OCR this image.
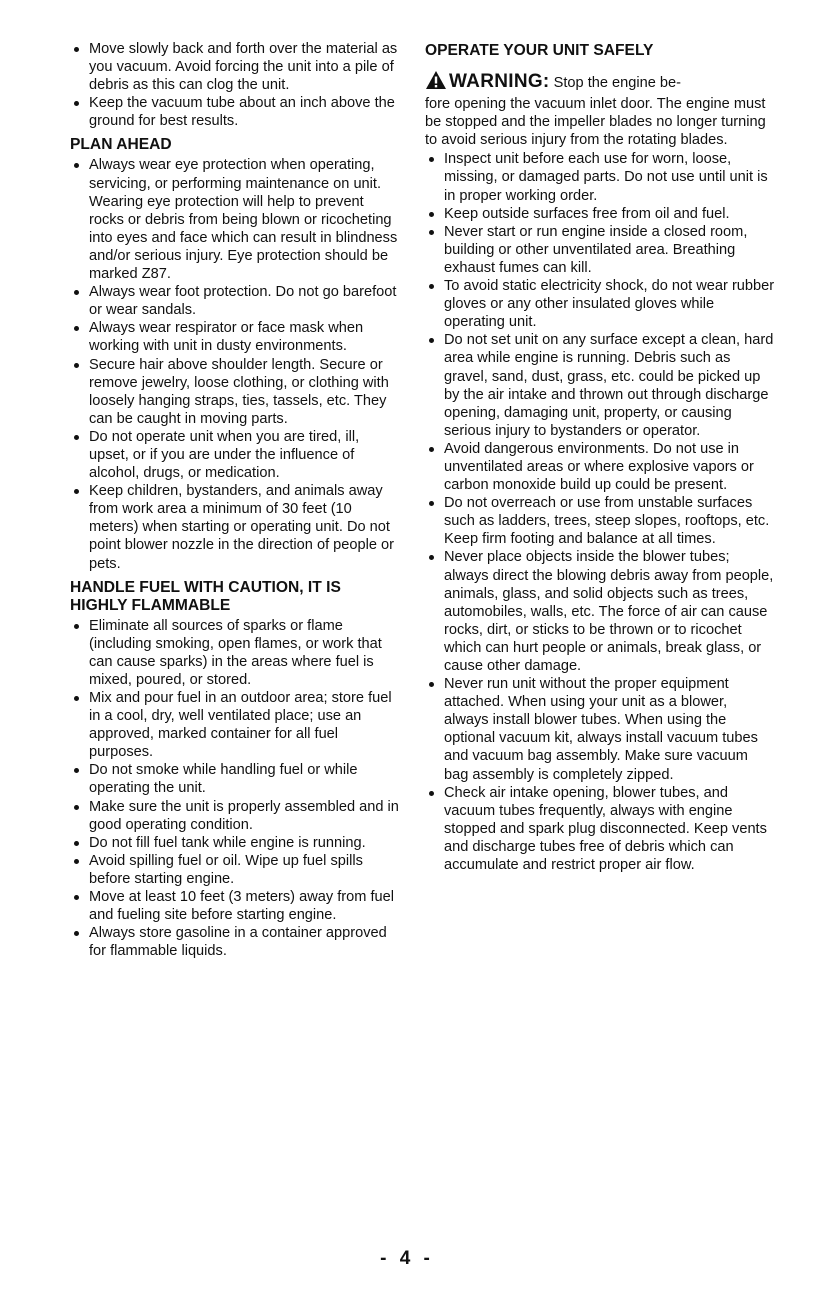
Move slowly back and forth over the material as you vacuum. Avoid forcing the unit into a pile of debris as this can clog the unit.
Keep the vacuum tube about an inch above the ground for best results.
PLAN AHEAD
Always wear eye protection when operating, servicing, or performing maintenance on unit. Wearing eye protection will help to prevent rocks or debris from being blown or ricocheting into eyes and face which can result in blindness and/or serious injury. Eye protection should be marked Z87.
Always wear foot protection. Do not go barefoot or wear sandals.
Always wear respirator or face mask when working with unit in dusty environments.
Secure hair above shoulder length. Secure or remove jewelry, loose clothing, or clothing with loosely hanging straps, ties, tassels, etc. They can be caught in moving parts.
Do not operate unit when you are tired, ill, upset, or if you are under the influence of alcohol, drugs, or medication.
Keep children, bystanders, and animals away from work area a minimum of 30 feet (10 meters) when starting or operating unit. Do not point blower nozzle in the direction of people or pets.
HANDLE FUEL WITH CAUTION, IT IS HIGHLY FLAMMABLE
Eliminate all sources of sparks or flame (including smoking, open flames, or work that can cause sparks) in the areas where fuel is mixed, poured, or stored.
Mix and pour fuel in an outdoor area; store fuel in a cool, dry, well ventilated place; use an approved, marked container for all fuel purposes.
Do not smoke while handling fuel or while operating the unit.
Make sure the unit is properly assembled and in good operating condition.
Do not fill fuel tank while engine is running.
Avoid spilling fuel or oil. Wipe up fuel spills before starting engine.
Move at least 10 feet (3 meters) away from fuel and fueling site before starting engine.
Always store gasoline in a container approved for flammable liquids.
OPERATE YOUR UNIT SAFELY
WARNING: Stop the engine be-

fore opening the vacuum inlet door. The engine must be stopped and the impeller blades no longer turning to avoid serious injury from the rotating blades.

Inspect unit before each use for worn, loose, missing, or damaged parts. Do not use until unit is in proper working order.
Keep outside surfaces free from oil and fuel.
Never start or run engine inside a closed room, building or other unventilated area. Breathing exhaust fumes can kill.
To avoid static electricity shock, do not wear rubber gloves or any other insulated gloves while operating unit.
Do not set unit on any surface except a clean, hard area while engine is running. Debris such as gravel, sand, dust, grass, etc. could be picked up by the air intake and thrown out through discharge opening, damaging unit, property, or causing serious injury to bystanders or operator.
Avoid dangerous environments. Do not use in unventilated areas or where explosive vapors or carbon monoxide build up could be present.
Do not overreach or use from unstable surfaces such as ladders, trees, steep slopes, rooftops, etc. Keep firm footing and balance at all times.
Never place objects inside the blower tubes; always direct the blowing debris away from people, animals, glass, and solid objects such as trees, automobiles, walls, etc. The force of air can cause rocks, dirt, or sticks to be thrown or to ricochet which can hurt people or animals, break glass, or cause other damage.
Never run unit without the proper equipment attached. When using your unit as a blower, always install blower tubes. When using the optional vacuum kit, always install vacuum tubes and vacuum bag assembly. Make sure vacuum bag assembly is completely zipped.
Check air intake opening, blower tubes, and vacuum tubes frequently, always with engine stopped and spark plug disconnected. Keep vents and discharge tubes free of debris which can accumulate and restrict proper air flow.
- 4 -
